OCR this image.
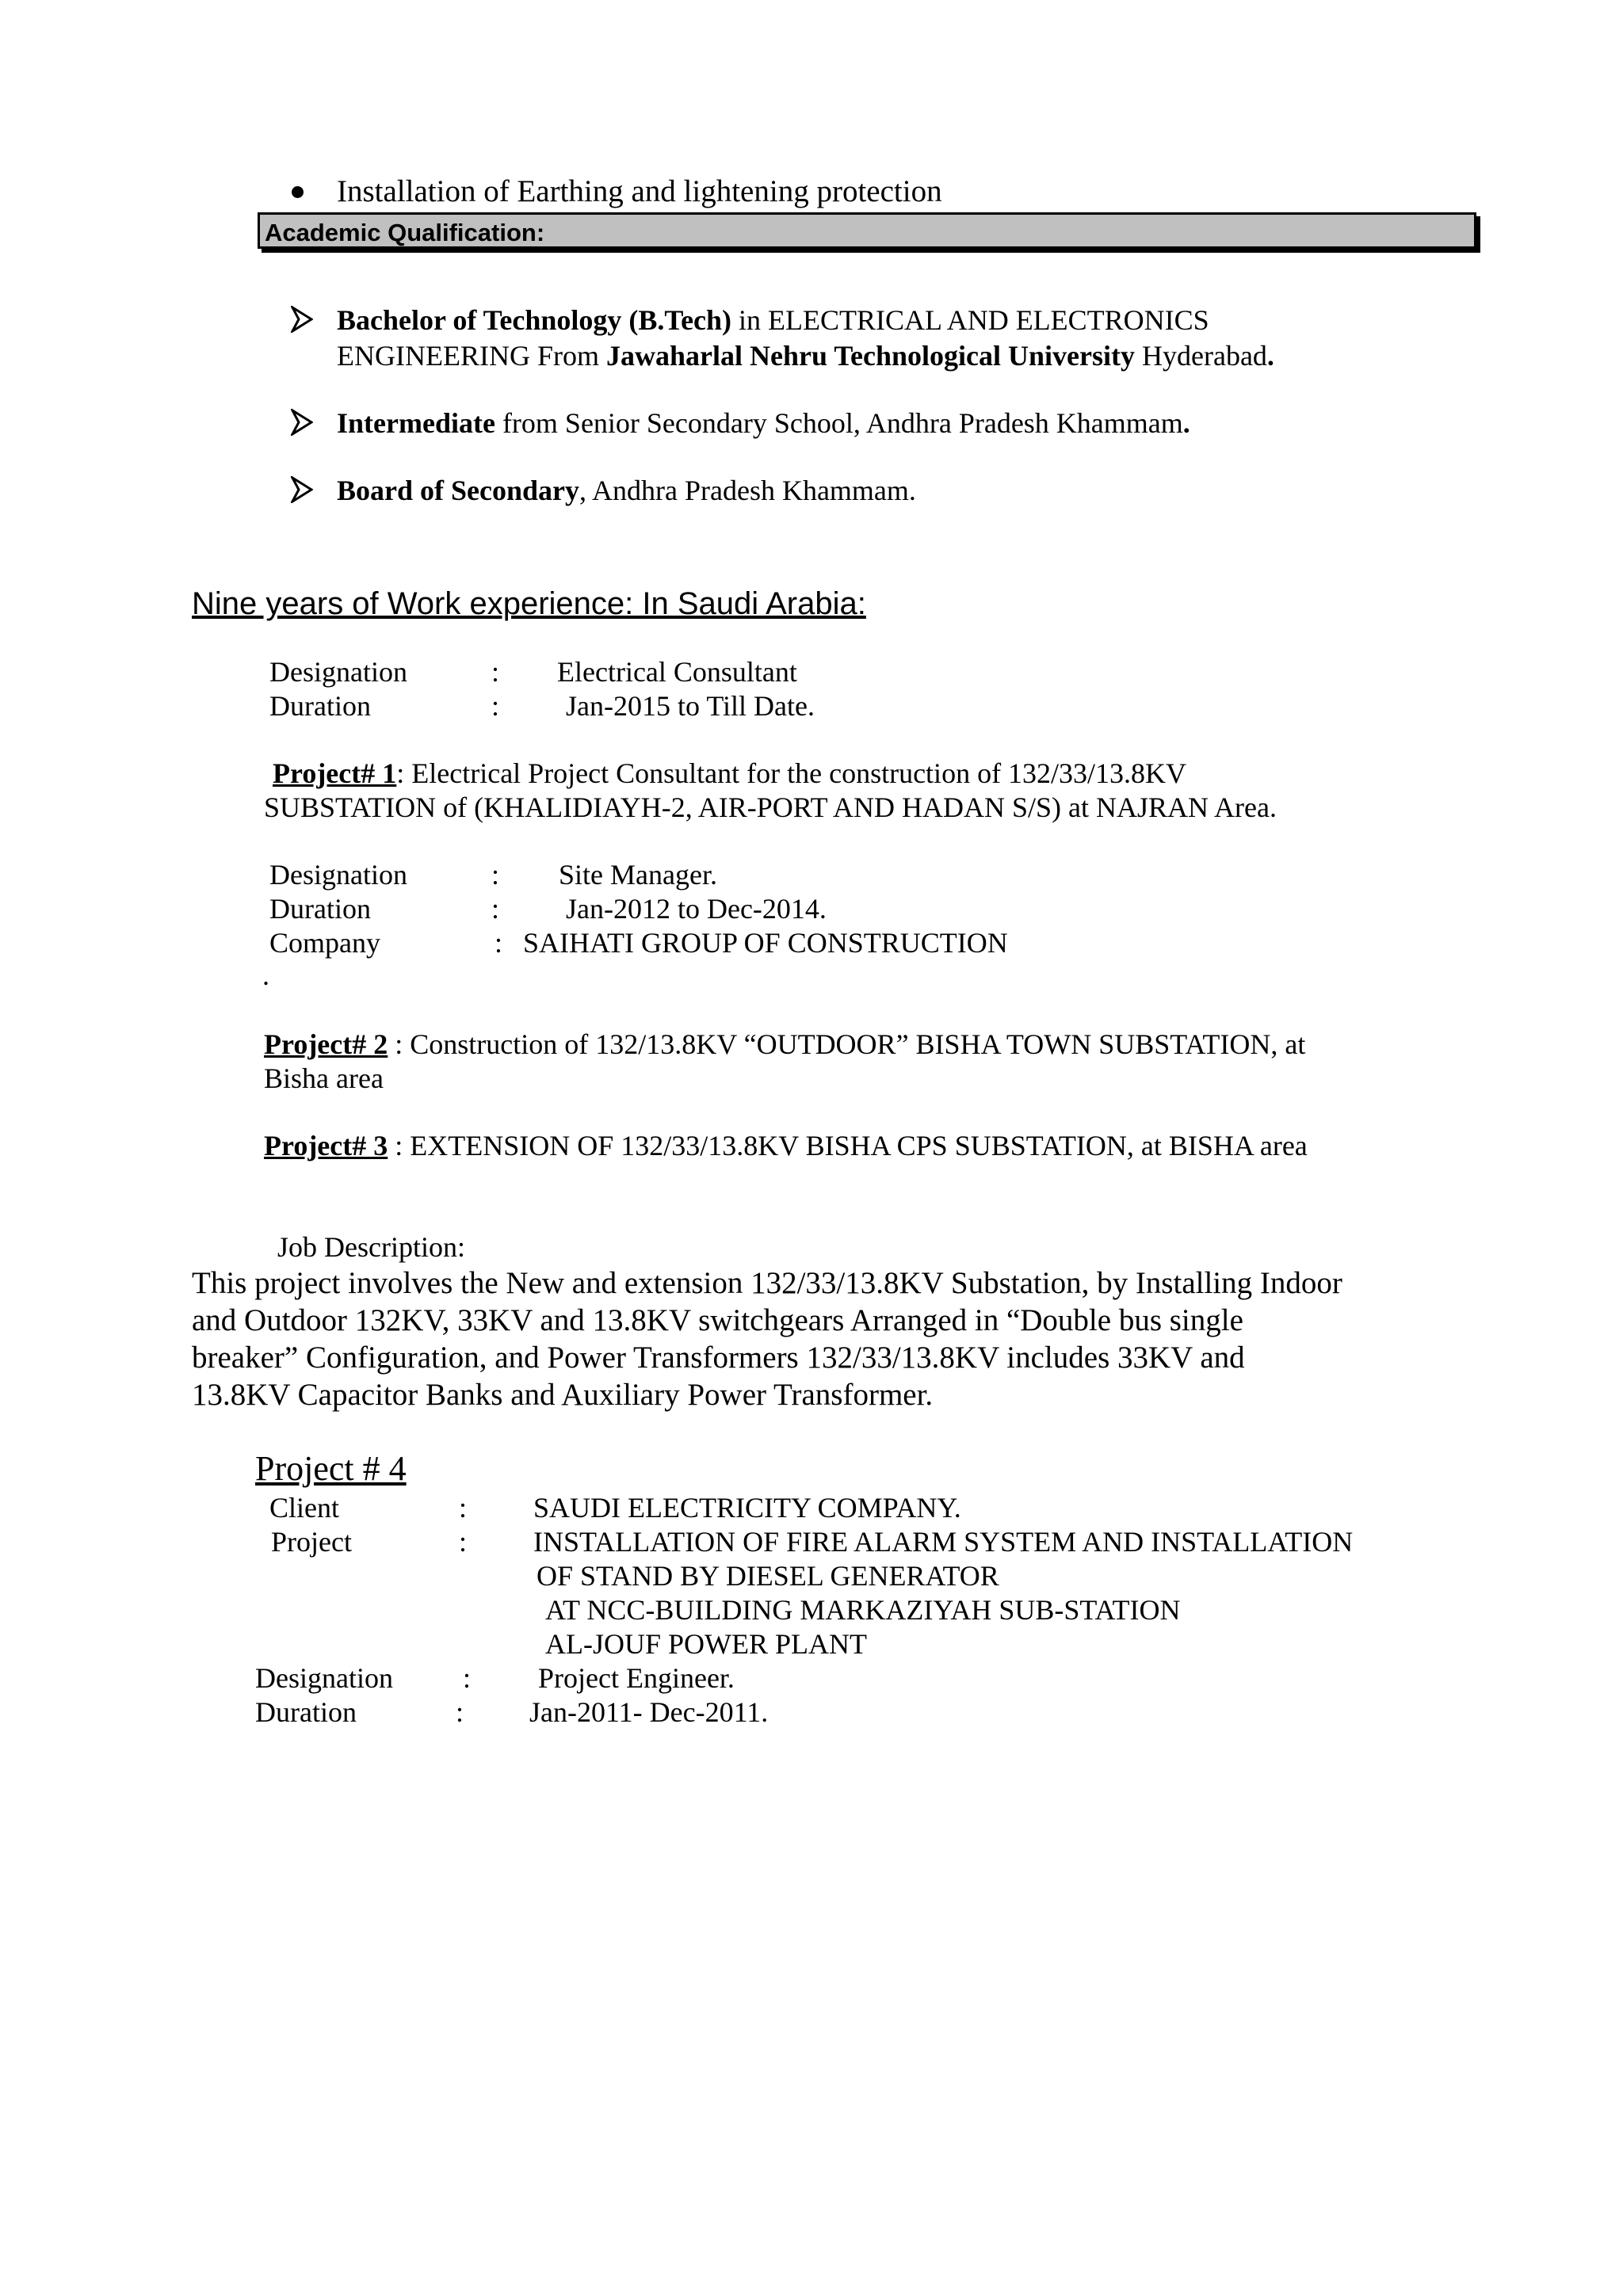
Installation of Earthing and lightening protection
Academic Qualification:
Bachelor of Technology (B.Tech) in ELECTRICAL AND ELECTRONICS
ENGINEERING From Jawaharlal Nehru Technological University Hyderabad.
Intermediate from Senior Secondary School, Andhra Pradesh Khammam.
Board of Secondary, Andhra Pradesh Khammam.
Nine years of Work experience: In Saudi Arabia:
Designation	: Electrical Consultant
Duration	: Jan-2015 to Till Date.
Project# 1: Electrical Project Consultant for the construction of 132/33/13.8KV
SUBSTATION of (KHALIDIAYH-2, AIR-PORT AND HADAN S/S) at NAJRAN Area.
Designation	: Site Manager.
Duration	: Jan-2012 to Dec-2014.
Company	: SAIHATI GROUP OF CONSTRUCTION
.
Project# 2 : Construction of 132/13.8KV “OUTDOOR” BISHA TOWN SUBSTATION, at
Bisha area
Project# 3 : EXTENSION OF 132/33/13.8KV BISHA CPS SUBSTATION, at BISHA area
Job Description:
This project involves the New and extension 132/33/13.8KV Substation, by Installing Indoor
and Outdoor 132KV, 33KV and 13.8KV switchgears Arranged in “Double bus single
breaker” Configuration, and Power Transformers 132/33/13.8KV includes 33KV and
13.8KV Capacitor Banks and Auxiliary Power Transformer.
Project # 4
Client	: SAUDI ELECTRICITY COMPANY.
Project	: INSTALLATION OF FIRE ALARM SYSTEM AND INSTALLATION
OF STAND BY DIESEL GENERATOR
AT NCC-BUILDING MARKAZIYAH SUB-STATION
AL-JOUF POWER PLANT
Designation : Project Engineer.
Duration	: Jan-2011- Dec-2011.
